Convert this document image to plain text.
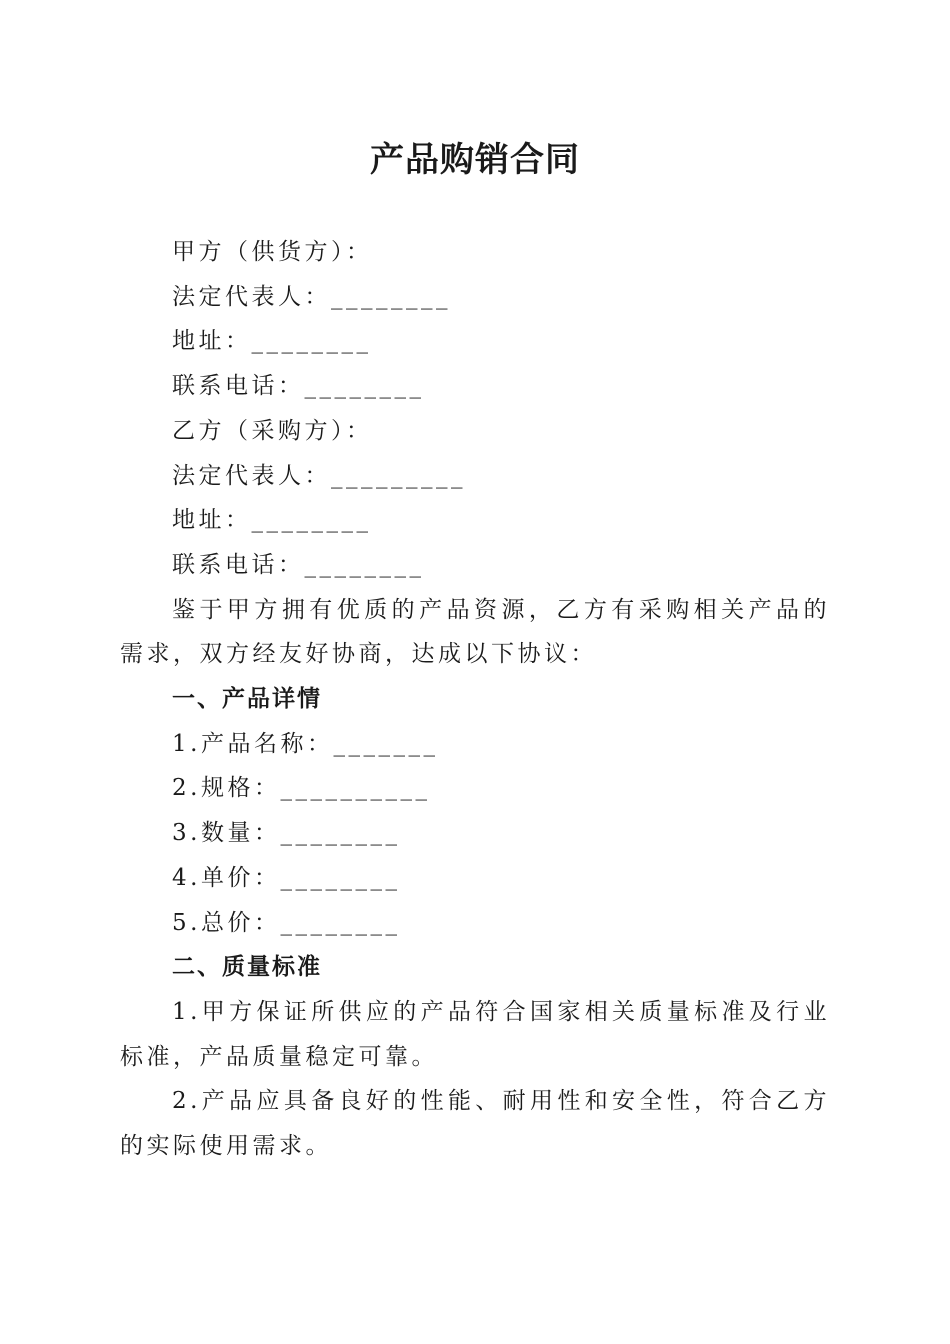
产品购销合同
甲方（供货方）：
法定代表人：________
地址：________
联系电话：________
乙方（采购方）：
法定代表人：_________
地址：________
联系电话：________
鉴于甲方拥有优质的产品资源，乙方有采购相关产品的需求，双方经友好协商，达成以下协议：
一、产品详情
1.产品名称：_______
2.规格：__________
3.数量：________
4.单价：________
5.总价：________
二、质量标准
1.甲方保证所供应的产品符合国家相关质量标准及行业标准，产品质量稳定可靠。
2.产品应具备良好的性能、耐用性和安全性，符合乙方的实际使用需求。
